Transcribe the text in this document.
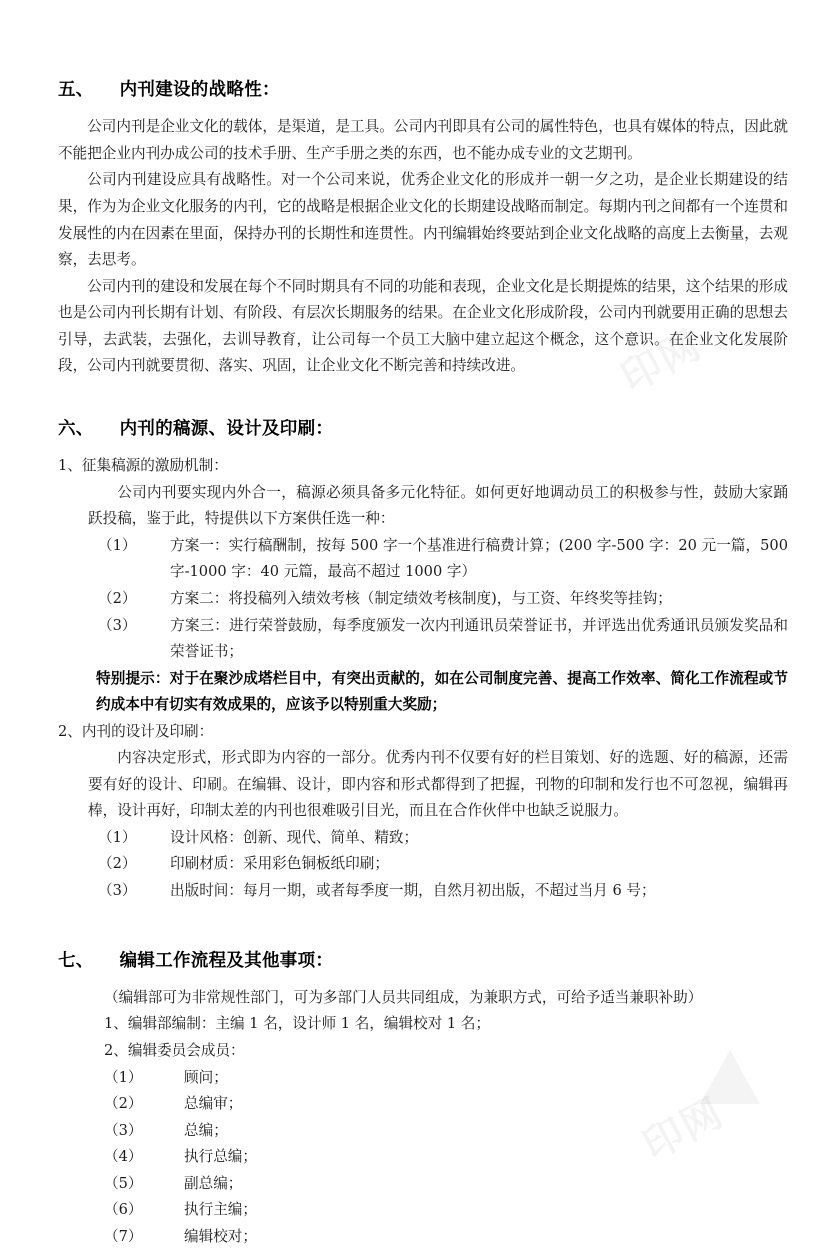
五、 内刊建设的战略性：

公司内刊是企业文化的载体，是渠道，是工具。公司内刊即具有公司的属性特色，也具有媒体的特点，因此就不能把企业内刊办成公司的技术手册、生产手册之类的东西，也不能办成专业的文艺期刊。

公司内刊建设应具有战略性。对一个公司来说，优秀企业文化的形成并一朝一夕之功，是企业长期建设的结果，作为为企业文化服务的内刊，它的战略是根据企业文化的长期建设战略而制定。每期内刊之间都有一个连贯和发展性的内在因素在里面，保持办刊的长期性和连贯性。内刊编辑始终要站到企业文化战略的高度上去衡量，去观察，去思考。

公司内刊的建设和发展在每个不同时期具有不同的功能和表现，企业文化是长期提炼的结果，这个结果的形成也是公司内刊长期有计划、有阶段、有层次长期服务的结果。在企业文化形成阶段，公司内刊就要用正确的思想去引导，去武装，去强化，去训导教育，让公司每一个员工大脑中建立起这个概念，这个意识。在企业文化发展阶段，公司内刊就要贯彻、落实、巩固，让企业文化不断完善和持续改进。

六、 内刊的稿源、设计及印刷：

1、征集稿源的激励机制：

公司内刊要实现内外合一，稿源必须具备多元化特征。如何更好地调动员工的积极参与性，鼓励大家踊跃投稿，鉴于此，特提供以下方案供任选一种：

（1） 方案一：实行稿酬制，按每 500 字一个基准进行稿费计算；(200 字-500 字：20 元一篇，500 字-1000 字：40 元篇，最高不超过 1000 字）

（2） 方案二：将投稿列入绩效考核（制定绩效考核制度)，与工资、年终奖等挂钩；

（3） 方案三：进行荣誉鼓励，每季度颁发一次内刊通讯员荣誉证书，并评选出优秀通讯员颁发奖品和荣誉证书；

特别提示：对于在聚沙成塔栏目中，有突出贡献的，如在公司制度完善、提高工作效率、简化工作流程或节约成本中有切实有效成果的，应该予以特别重大奖励；

2、内刊的设计及印刷：

内容决定形式，形式即为内容的一部分。优秀内刊不仅要有好的栏目策划、好的选题、好的稿源，还需要有好的设计、印刷。在编辑、设计，即内容和形式都得到了把握，刊物的印制和发行也不可忽视，编辑再棒，设计再好，印制太差的内刊也很难吸引目光，而且在合作伙伴中也缺乏说服力。

（1） 设计风格：创新、现代、简单、精致；

（2） 印刷材质：采用彩色铜板纸印刷；

（3） 出版时间：每月一期，或者每季度一期，自然月初出版，不超过当月 6 号；

七、 编辑工作流程及其他事项：

（编辑部可为非常规性部门，可为多部门人员共同组成，为兼职方式，可给予适当兼职补助）

1、编辑部编制：主编 1 名，设计师 1 名，编辑校对 1 名；

2、编辑委员会成员：

（1）	顾问；

（2）	总编审；

（3）	总编；

（4）	执行总编；

（5）	副总编；

（6）	执行主编；

（7）	编辑校对；
